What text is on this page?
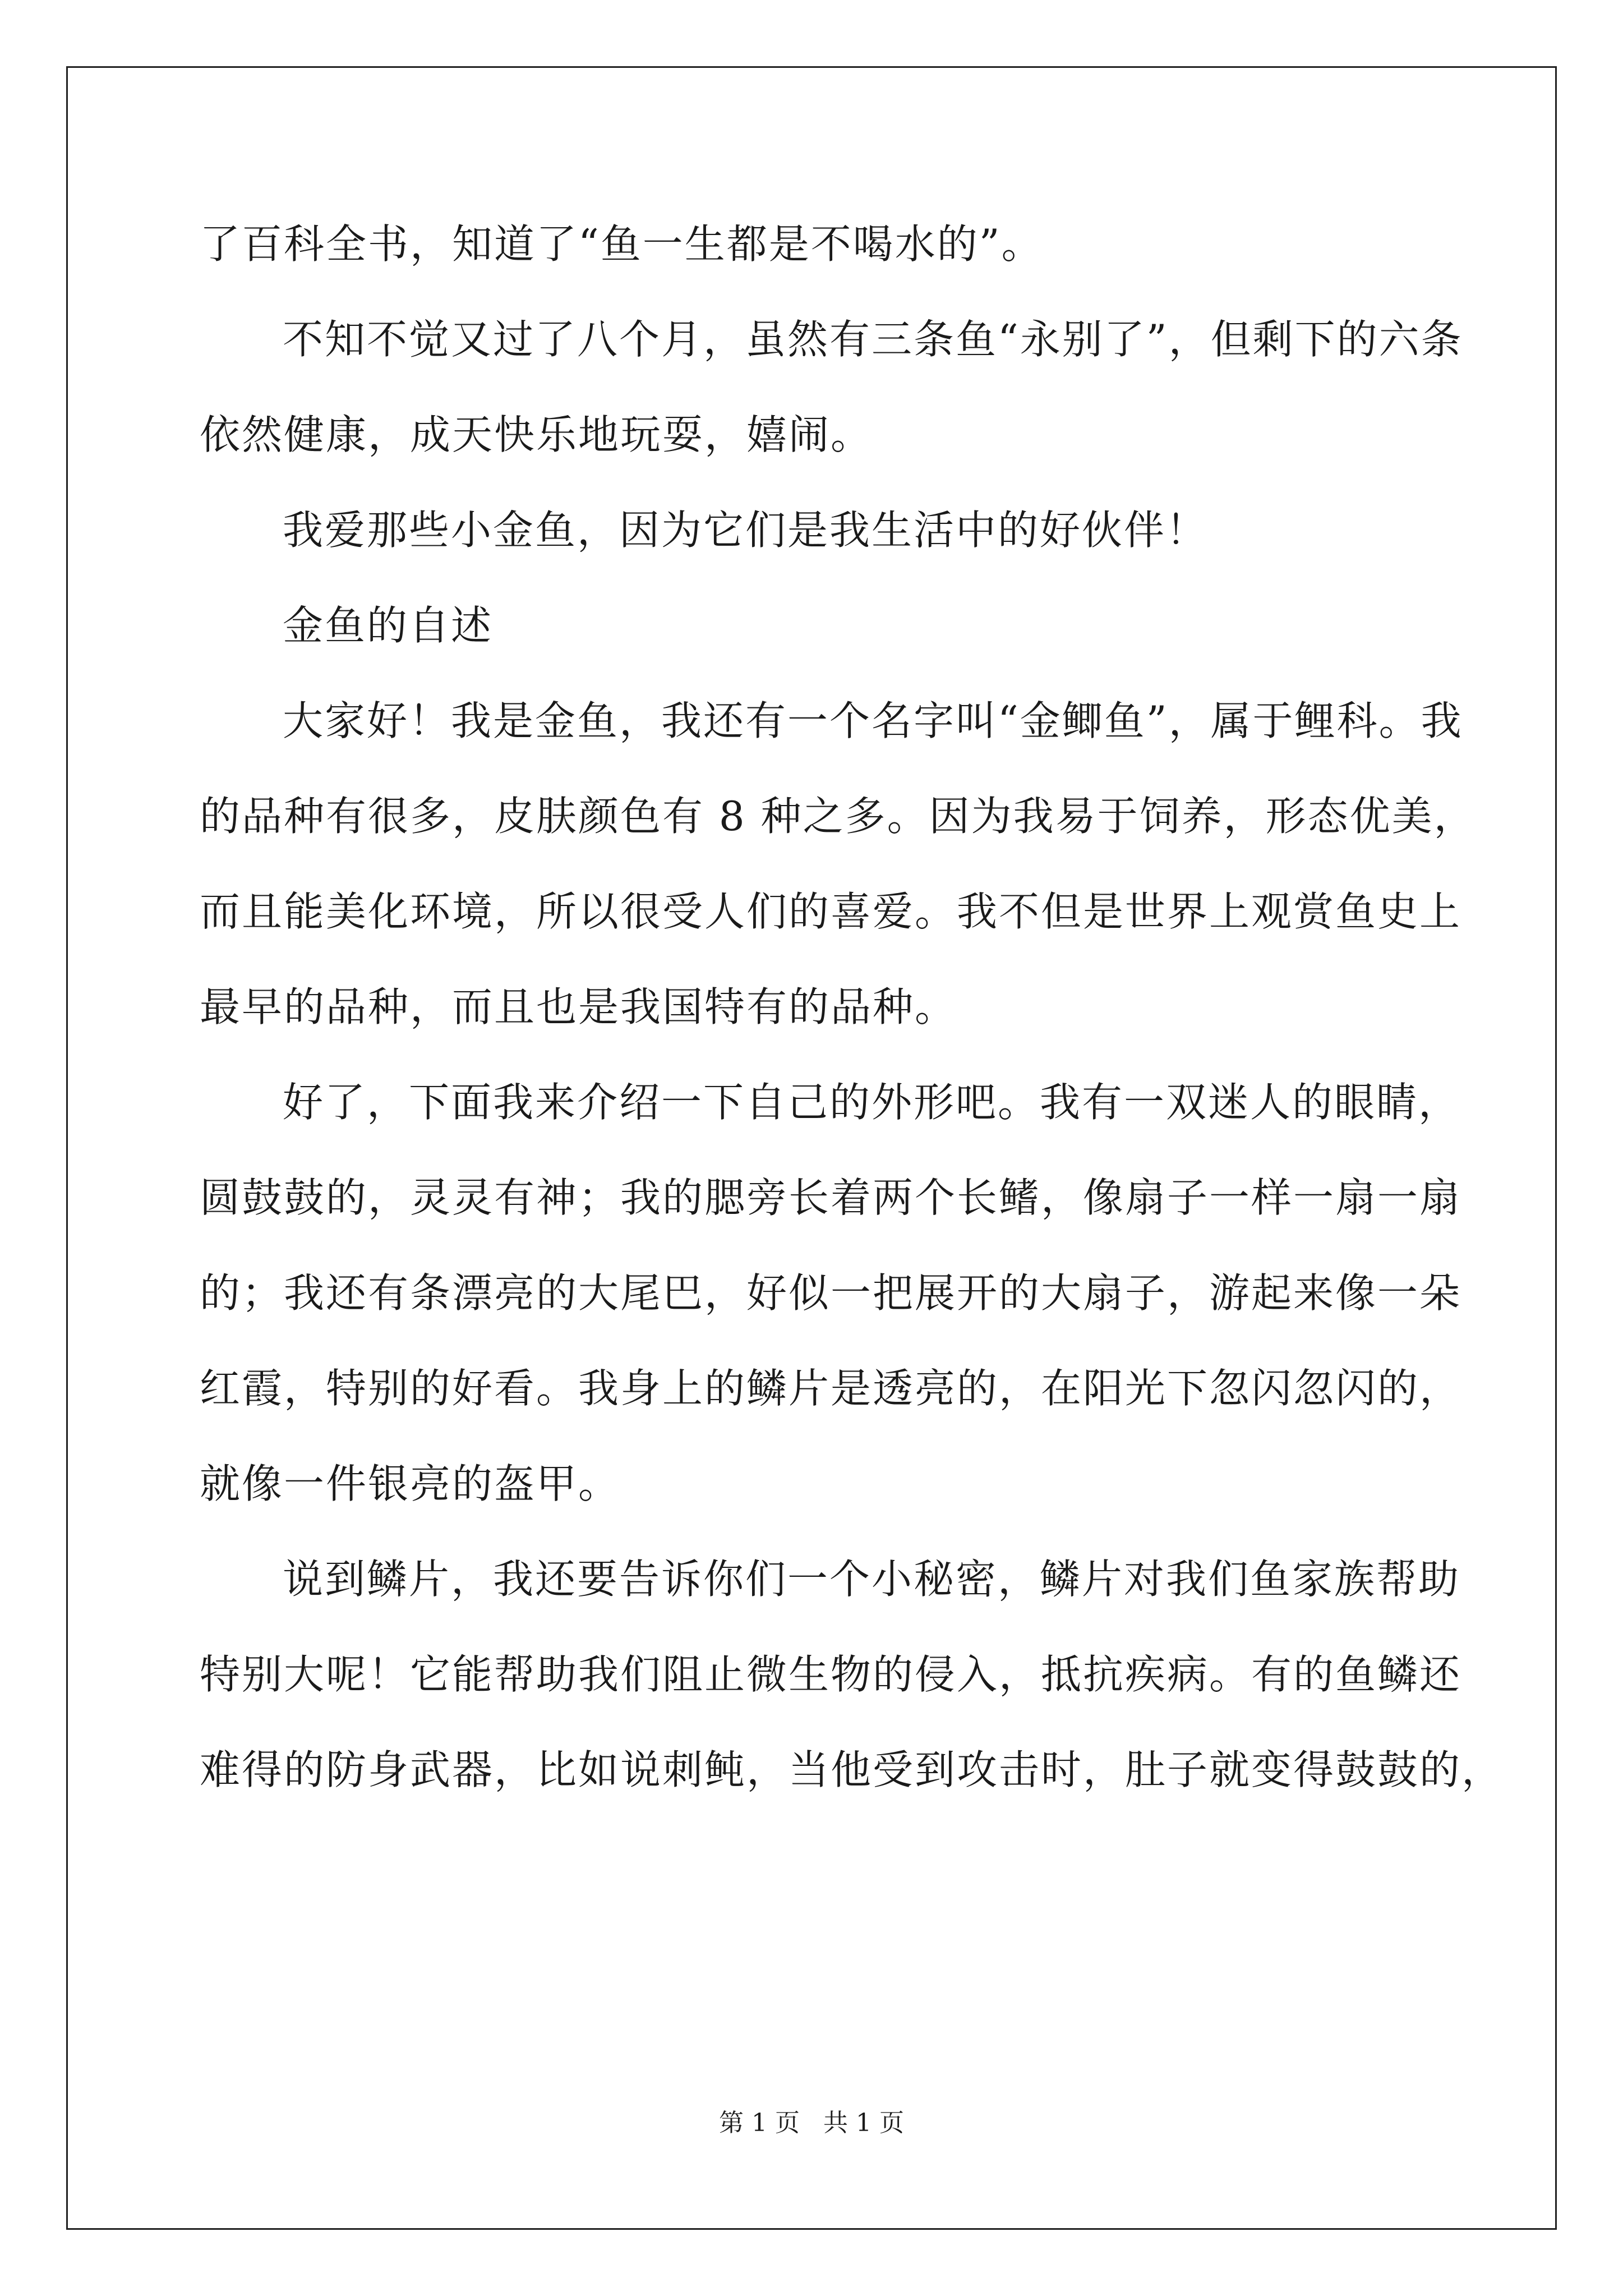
了百科全书，知道了“鱼一生都是不喝水的”。
不知不觉又过了八个月，虽然有三条鱼“永别了”，但剩下的六条
依然健康，成天快乐地玩耍，嬉闹。
我爱那些小金鱼，因为它们是我生活中的好伙伴！
金鱼的自述
大家好！我是金鱼，我还有一个名字叫“金鲫鱼”，属于鲤科。我
的品种有很多，皮肤颜色有 8 种之多。因为我易于饲养，形态优美，
而且能美化环境，所以很受人们的喜爱。我不但是世界上观赏鱼史上
最早的品种，而且也是我国特有的品种。
好了，下面我来介绍一下自己的外形吧。我有一双迷人的眼睛，
圆鼓鼓的，灵灵有神；我的腮旁长着两个长鳍，像扇子一样一扇一扇
的；我还有条漂亮的大尾巴，好似一把展开的大扇子，游起来像一朵
红霞，特别的好看。我身上的鳞片是透亮的，在阳光下忽闪忽闪的，
就像一件银亮的盔甲。
说到鳞片，我还要告诉你们一个小秘密，鳞片对我们鱼家族帮助
特别大呢！它能帮助我们阻止微生物的侵入，抵抗疾病。有的鱼鳞还
难得的防身武器，比如说刺鲀，当他受到攻击时，肚子就变得鼓鼓的，
第 1 页 共 1 页
